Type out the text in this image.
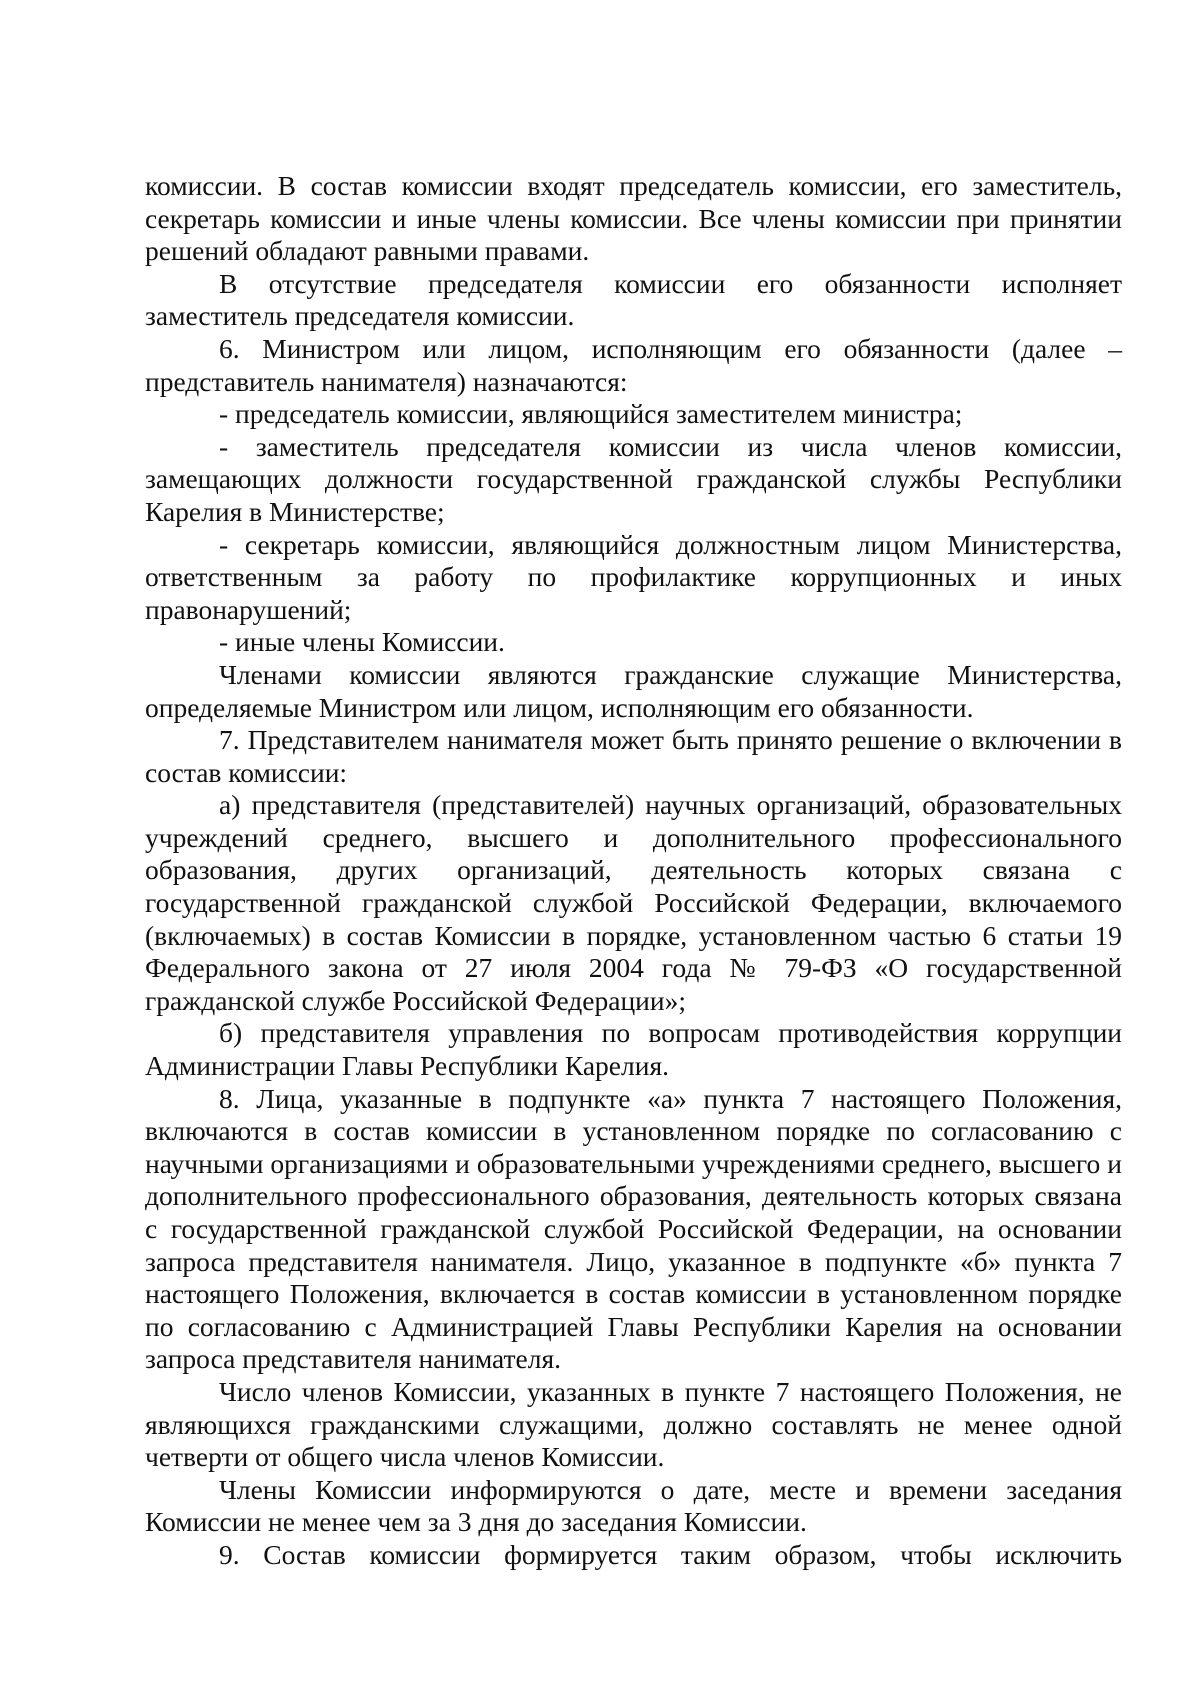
комиссии. В состав комиссии входят председатель комиссии, его заместитель, секретарь комиссии и иные члены комиссии. Все члены комиссии при принятии решений обладают равными правами.

В отсутствие председателя комиссии его обязанности исполняет заместитель председателя комиссии.

6. Министром или лицом, исполняющим его обязанности (далее – представитель нанимателя) назначаются:

- председатель комиссии, являющийся заместителем министра;

- заместитель председателя комиссии из числа членов комиссии, замещающих должности государственной гражданской службы Республики Карелия в Министерстве;

- секретарь комиссии, являющийся должностным лицом Министерства, ответственным за работу по профилактике коррупционных и иных правонарушений;

- иные члены Комиссии.

Членами комиссии являются гражданские служащие Министерства, определяемые Министром или лицом, исполняющим его обязанности.

7. Представителем нанимателя может быть принято решение о включении в состав комиссии:

а) представителя (представителей) научных организаций, образовательных учреждений среднего, высшего и дополнительного профессионального образования, других организаций, деятельность которых связана с государственной гражданской службой Российской Федерации, включаемого (включаемых) в состав Комиссии в порядке, установленном частью 6 статьи 19 Федерального закона от 27 июля 2004 года № 79-ФЗ «О государственной гражданской службе Российской Федерации»;

б) представителя управления по вопросам противодействия коррупции Администрации Главы Республики Карелия.

8. Лица, указанные в подпункте «а» пункта 7 настоящего Положения, включаются в состав комиссии в установленном порядке по согласованию с научными организациями и образовательными учреждениями среднего, высшего и дополнительного профессионального образования, деятельность которых связана с государственной гражданской службой Российской Федерации, на основании запроса представителя нанимателя. Лицо, указанное в подпункте «б» пункта 7 настоящего Положения, включается в состав комиссии в установленном порядке по согласованию с Администрацией Главы Республики Карелия на основании запроса представителя нанимателя.

Число членов Комиссии, указанных в пункте 7 настоящего Положения, не являющихся гражданскими служащими, должно составлять не менее одной четверти от общего числа членов Комиссии.

Члены Комиссии информируются о дате, месте и времени заседания Комиссии не менее чем за 3 дня до заседания Комиссии.

9. Состав комиссии формируется таким образом, чтобы исключить
